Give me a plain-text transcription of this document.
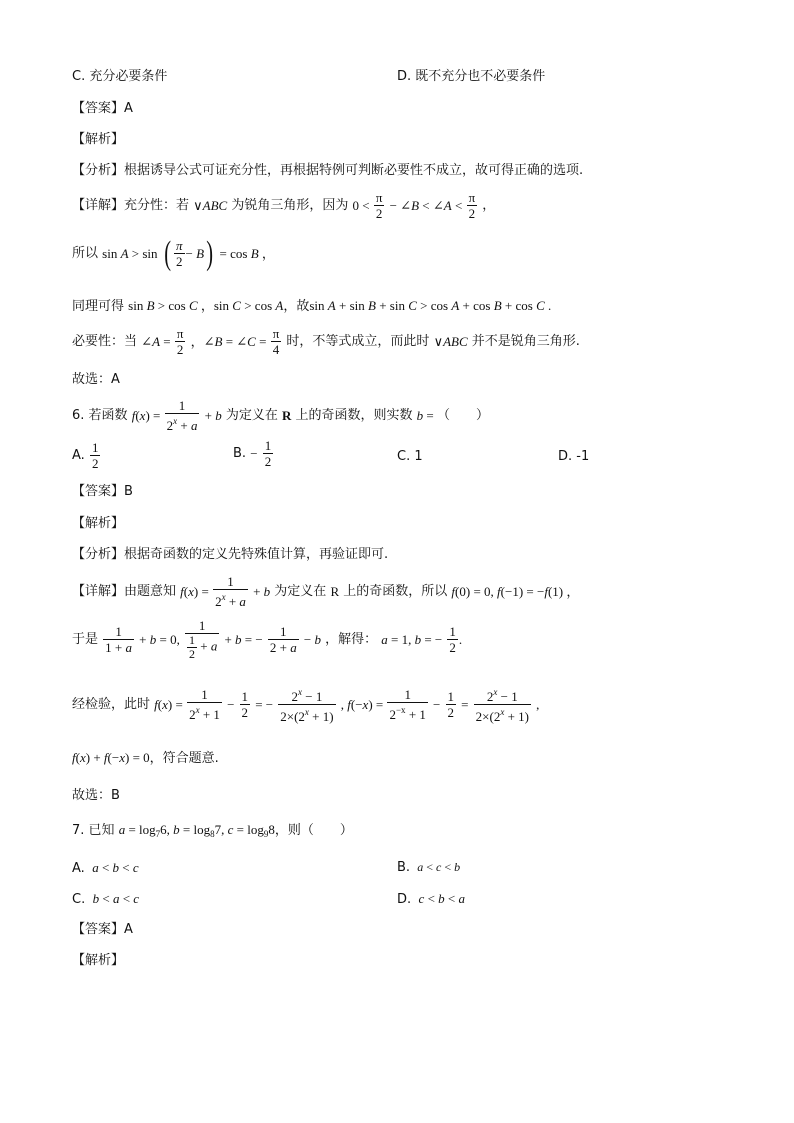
C. 充分必要条件	D. 既不充分也不必要条件
【答案】A
【解析】
【分析】根据诱导公式可证充分性，再根据特例可判断必要性不成立，故可得正确的选项.
【详解】充分性：若 ∨ABC 为锐角三角形，因为 $0 < \frac{\pi}{2}$ − ∠B < ∠A < $\frac{\pi}{2}$ ，
所以 sin A > sin ( $\frac{\pi}{2} - B) = \cos B$ ，
同理可得 sin B > cos C ，sin C > cos A，故sin A + sin B + sin C > cos A + cos B + cos C .
必要性：当 ∠A = $\frac{\pi}{2}$ ，∠B = ∠C = $\frac{\pi}{4}$ 时，不等式成立，而此时 ∨ABC 并不是锐角三角形.
故选：A
6. 若函数 $f(x) = \frac{1}{2^x + a} + b$ 为定义在 R 上的奇函数，则实数 b = （　　）
A. $\frac{1}{2}$	B. − $\frac{1}{2}$	C. 1	D. -1
【答案】B
【解析】
【分析】根据奇函数的定义先特殊值计算，再验证即可.
【详解】由题意知 $f(x) = \frac{1}{2^x + a} + b$ 为定义在 R 上的奇函数，所以 f(0) = 0, f(−1) = −f(1) ，
于是 $\frac{1}{1 + a} + b = 0$, $\frac{1}{\frac{1}{2} + a} + b$ = − $\frac{1}{2 + a} - b$ ，解得： a = 1, b = − $\frac{1}{2}$ .
经检验，此时 $f(x) = \frac{1}{2^x + 1} - \frac{1}{2}$ = − $\frac{2^x - 1}{2\times(2^x + 1)}$ , $f(-x) = \frac{1}{2^{-x} + 1} - \frac{1}{2} = \frac{2^x - 1}{2\times(2^x + 1)}$ ,
f(x) + f(−x) = 0，符合题意.
故选：B
7. 已知 $a = \log_76$, $b = \log_87$, $c = \log_98$，则（　　）
A. a < b < c	B. a < c < b
C. b < a < c	D. c < b < a
【答案】A
【解析】
